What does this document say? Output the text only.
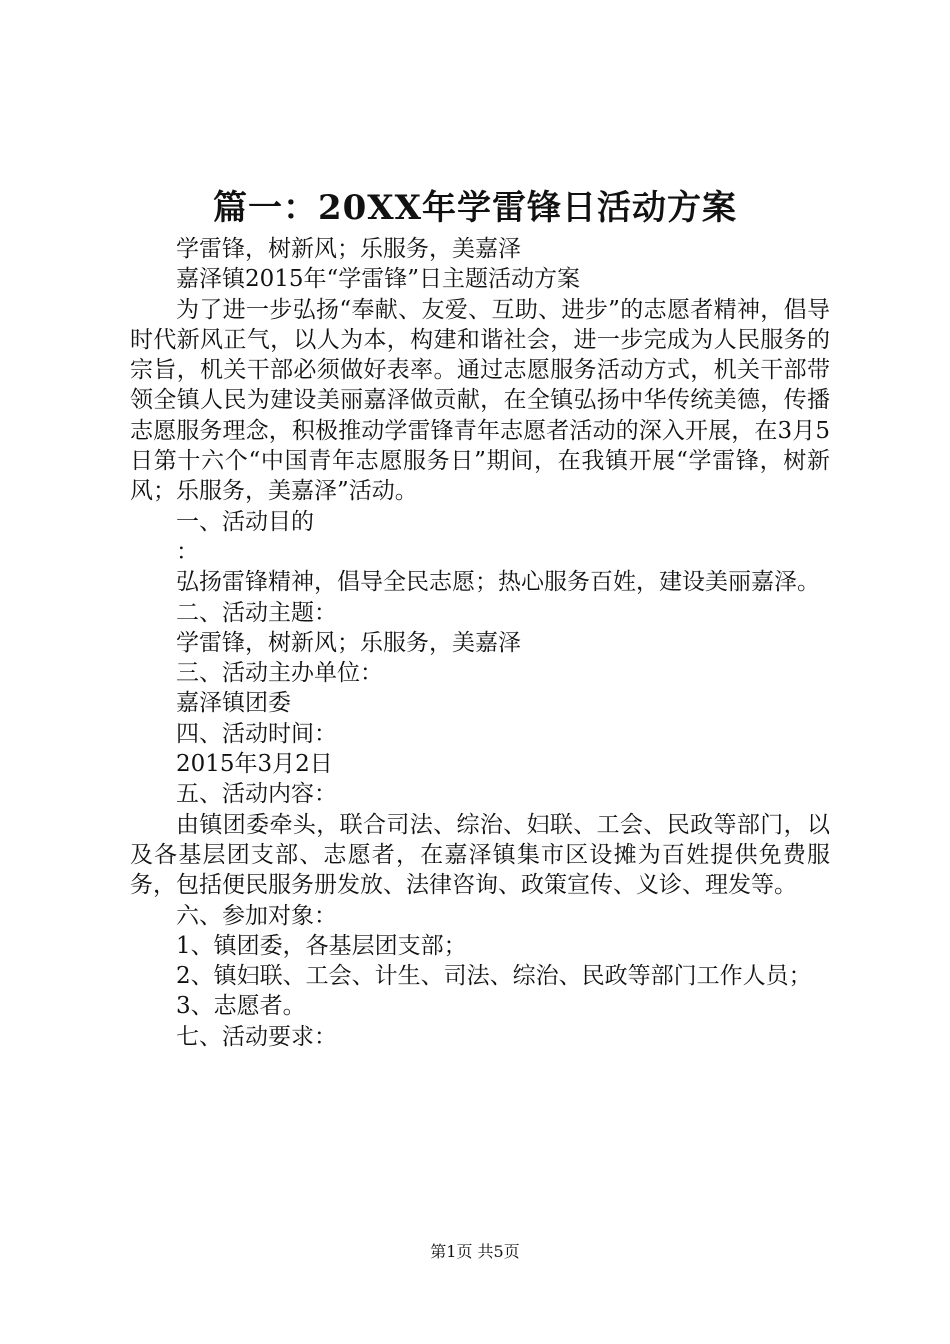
篇一：20XX年学雷锋日活动方案

学雷锋，树新风；乐服务，美嘉泽

嘉泽镇2015年“学雷锋”日主题活动方案

为了进一步弘扬“奉献、友爱、互助、进步”的志愿者精神，倡导时代新风正气，以人为本，构建和谐社会，进一步完成为人民服务的宗旨，机关干部必须做好表率。通过志愿服务活动方式，机关干部带领全镇人民为建设美丽嘉泽做贡献，在全镇弘扬中华传统美德，传播志愿服务理念，积极推动学雷锋青年志愿者活动的深入开展，在3月5日第十六个“中国青年志愿服务日”期间，在我镇开展“学雷锋，树新风；乐服务，美嘉泽”活动。

一、活动目的

：

弘扬雷锋精神，倡导全民志愿；热心服务百姓，建设美丽嘉泽。

二、活动主题：

学雷锋，树新风；乐服务，美嘉泽

三、活动主办单位：

嘉泽镇团委

四、活动时间：

2015年3月2日

五、活动内容：

由镇团委牵头，联合司法、综治、妇联、工会、民政等部门，以及各基层团支部、志愿者，在嘉泽镇集市区设摊为百姓提供免费服务，包括便民服务册发放、法律咨询、政策宣传、义诊、理发等。

六、参加对象：

1、镇团委，各基层团支部；

2、镇妇联、工会、计生、司法、综治、民政等部门工作人员；

3、志愿者。

七、活动要求：

第1页 共5页
